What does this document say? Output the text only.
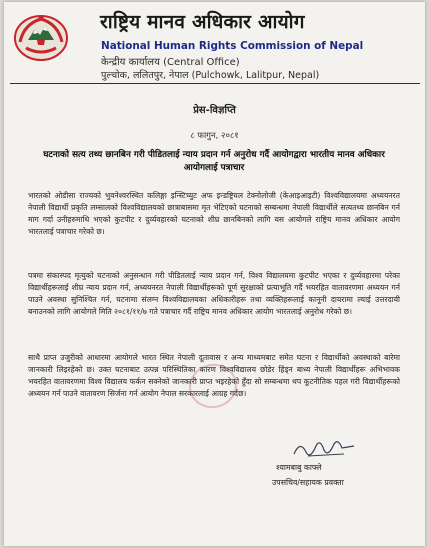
राष्ट्रिय मानव अधिकार आयोग
National Human Rights Commission of Nepal
केन्द्रीय कार्यालय (Central Office)
पुल्चोक, ललितपुर, नेपाल (Pulchowk, Lalitpur, Nepal)
प्रेस-विज्ञप्ति
८ फागुन, २०८१
घटनाको सत्य तथ्य छानबिन गरी पीडितलाई न्याय प्रदान गर्न अनुरोध गर्दै आयोगद्वारा भारतीय मानव अधिकार आयोगलाई पत्राचार

भारतको ओडीसा राज्यको भुवनेश्वरस्थित कलिङ्गा इन्स्टिच्युट अफ इन्डष्ट्रियल टेक्नोलोजी (केआइआइटी) विश्वविद्यालयमा अध्ययनरत नेपाली विद्यार्थी प्रकृति लम्सालको विश्वविद्यालयको छात्राबासमा मृत भेटिएको घटनाको सम्बन्धमा नेपाली विद्यार्थीले सत्यतथ्य छानबिन गर्न माग गर्दा उनीहरुमाथि भएको कुटपीट र दुर्व्यवहारको घटनाको शीघ्र छानबिनको लागि यस आयोगले राष्ट्रिय मानव अधिकार आयोग भारतलाई पत्राचार गरेको छ।

पत्रमा संकास्पद मृत्युको घटनाको अनुसन्धान गरी पीडितलाई न्याय प्रदान गर्न, विश्व विद्यालयमा कुटपीट भएका र दुर्व्यवहारमा परेका विद्यार्थीहरूलाई शीघ्र न्याय प्रदान गर्न, अध्ययनरत नेपाली विद्यार्थीहरूको पूर्ण सुरक्षाको प्रत्याभूति गर्दै भयरहित वातावरणमा अध्ययन गर्न पाउने अवस्था सुनिश्चित गर्न, घटनामा संलग्न विश्वविद्यालयका अधिकारीहरू तथा व्यक्तिहरूलाई कानूनी दायरामा ल्याई उत्तरदायी बनाउनको लागि आयोगले मिति २०८१/११/७ गते पत्राचार गर्दै राष्ट्रिय मानव अधिकार आयोग भारतलाई अनुरोध गरेको छ।

साथै प्राप्त उजुरीको आधारमा आयोगले भारत स्थित नेपाली दूतावास र अन्य माध्यमबाट समेत घटना र विद्यार्थीको अवस्थाको बारेमा जानकारी लिइरहेको छ। उक्त घटनाबाट उत्पन्न परिस्थितिका कारण विश्वविद्यालय छोडेर हिंड्न बाध्य नेपाली विद्यार्थीहरू अभिभावक भयरहित वातावरणमा विश्व विद्यालय फर्कन सक्नेको जानकारी प्राप्त भइरहेको हुँदा सो सम्बन्धमा थप कूटनीतिक पहल गरी विद्यार्थीहरूको अध्ययन गर्न पाउने वातावरण सिर्जना गर्न आयोग नेपाल सरकारलाई आग्रह गर्दछ।

श्यामबाबु काफ्ले
उपसचिव/सहायक प्रवक्ता
